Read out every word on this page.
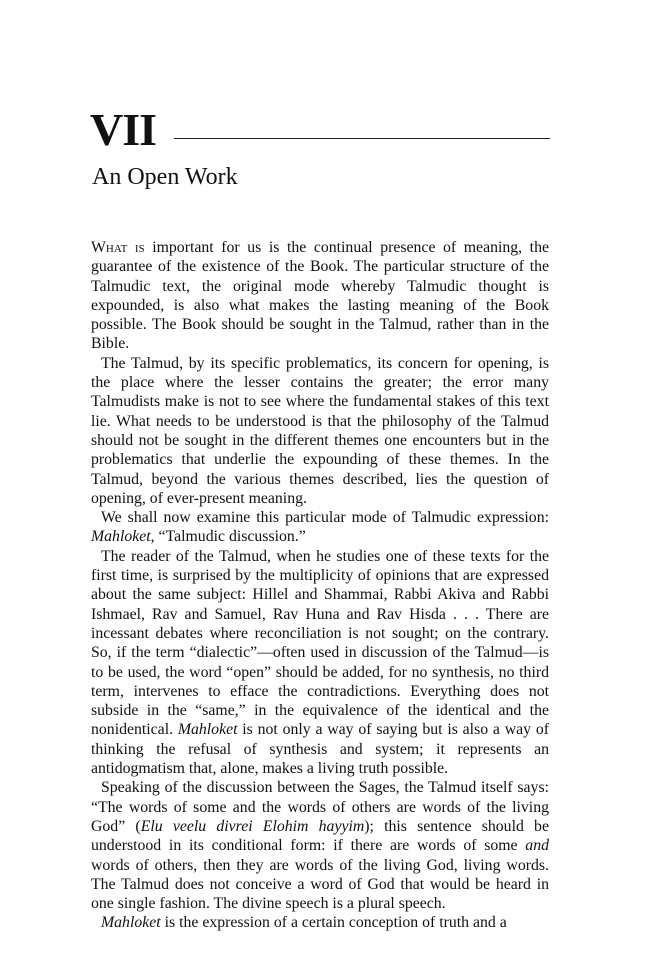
VII
An Open Work

What is important for us is the continual presence of meaning, the guarantee of the existence of the Book. The particular structure of the Talmudic text, the original mode whereby Talmudic thought is expounded, is also what makes the lasting meaning of the Book possible. The Book should be sought in the Talmud, rather than in the Bible.

The Talmud, by its specific problematics, its concern for opening, is the place where the lesser contains the greater; the error many Talmudists make is not to see where the fundamental stakes of this text lie. What needs to be understood is that the philosophy of the Talmud should not be sought in the different themes one encounters but in the problematics that underlie the expounding of these themes. In the Talmud, beyond the various themes described, lies the question of opening, of ever-present meaning.

We shall now examine this particular mode of Talmudic expression: Mahloket, “Talmudic discussion.”

The reader of the Talmud, when he studies one of these texts for the first time, is surprised by the multiplicity of opinions that are expressed about the same subject: Hillel and Shammai, Rabbi Akiva and Rabbi Ishmael, Rav and Samuel, Rav Huna and Rav Hisda . . . There are incessant debates where reconciliation is not sought; on the contrary. So, if the term “dialectic”—often used in discussion of the Talmud—is to be used, the word “open” should be added, for no synthesis, no third term, intervenes to efface the contradictions. Everything does not subside in the “same,” in the equivalence of the identical and the nonidentical. Mahloket is not only a way of saying but is also a way of thinking the refusal of synthesis and system; it represents an antidogmatism that, alone, makes a living truth possible.

Speaking of the discussion between the Sages, the Talmud itself says: “The words of some and the words of others are words of the living God” (Elu veelu divrei Elohim hayyim); this sentence should be understood in its conditional form: if there are words of some and words of others, then they are words of the living God, living words. The Talmud does not conceive a word of God that would be heard in one single fashion. The divine speech is a plural speech.

Mahloket is the expression of a certain conception of truth and a
